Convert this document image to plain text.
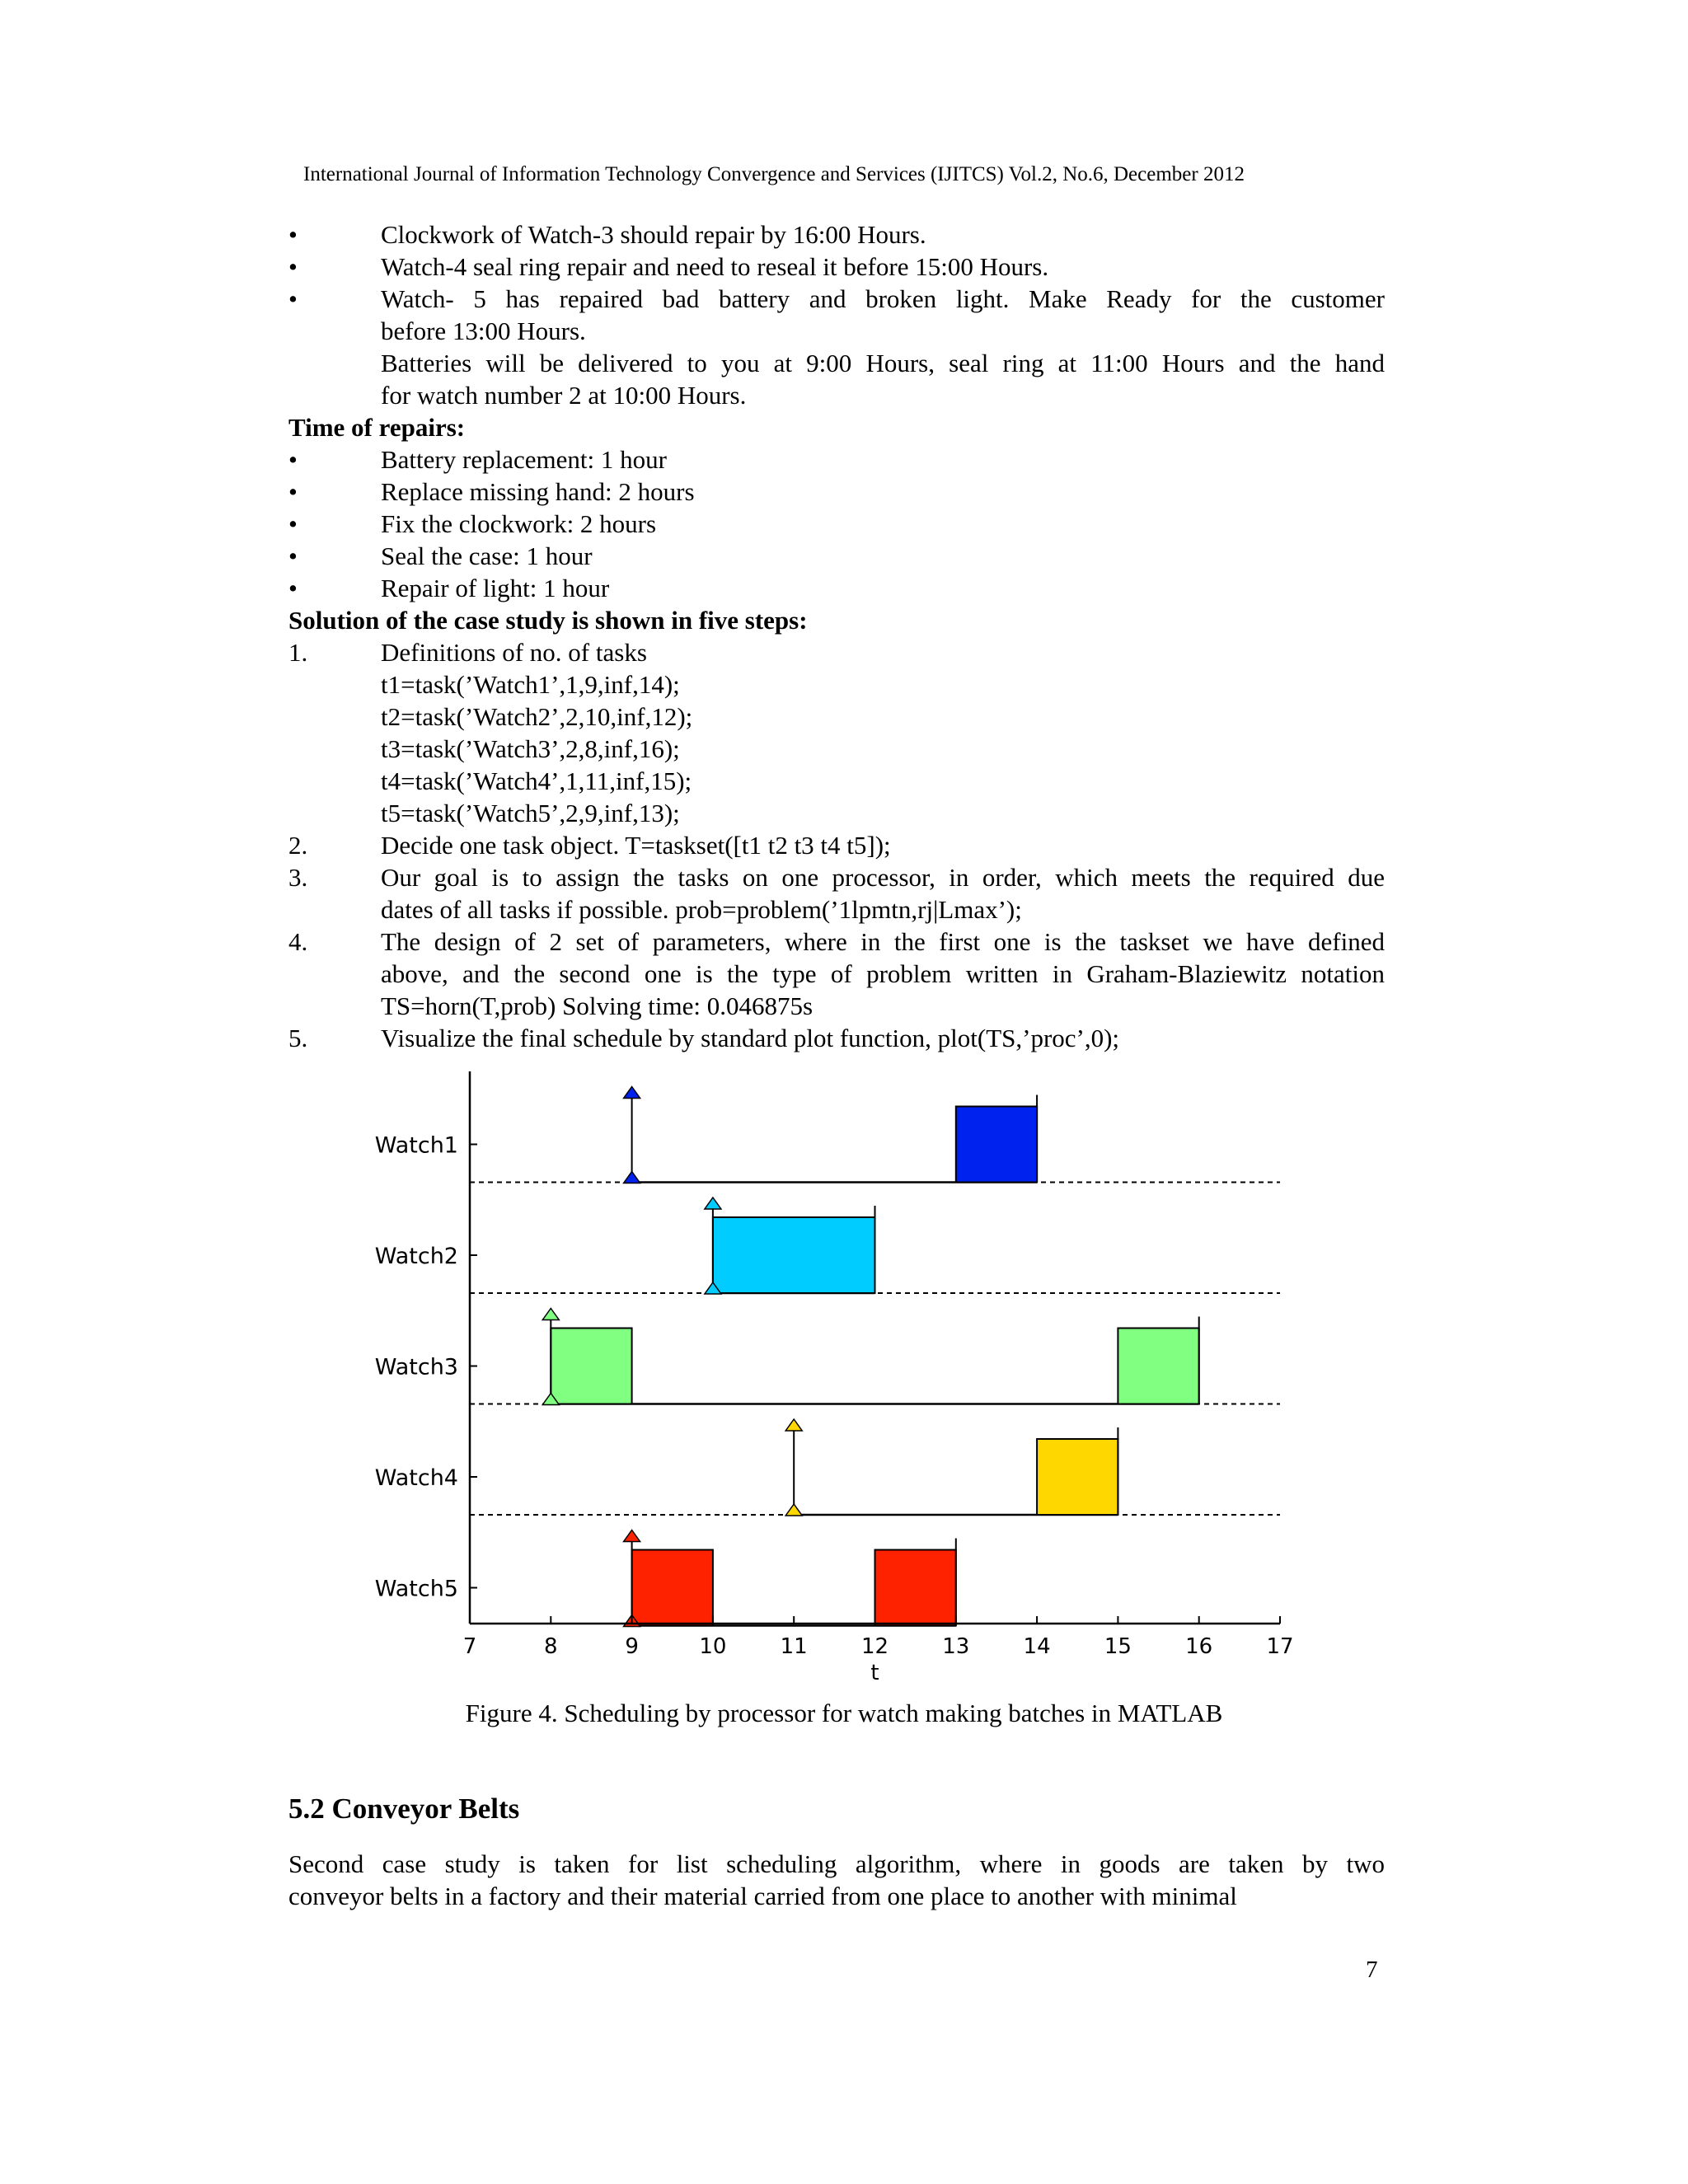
International Journal of Information Technology Convergence and Services (IJITCS) Vol.2, No.6, December 2012
•	Clockwork of Watch-3 should repair by 16:00 Hours.
•	Watch-4 seal ring repair and need to reseal it before 15:00 Hours.
•	Watch- 5 has repaired bad battery and broken light. Make Ready for the customer
before 13:00 Hours.
Batteries will be delivered to you at 9:00 Hours, seal ring at 11:00 Hours and the hand
for watch number 2 at 10:00 Hours.
Time of repairs:
•	Battery replacement: 1 hour
•	Replace missing hand: 2 hours
•	Fix the clockwork: 2 hours
•	Seal the case: 1 hour
•	Repair of light: 1 hour
Solution of the case study is shown in five steps:
1.	Definitions of no. of tasks
t1=task(’Watch1’,1,9,inf,14);
t2=task(’Watch2’,2,10,inf,12);
t3=task(’Watch3’,2,8,inf,16);
t4=task(’Watch4’,1,11,inf,15);
t5=task(’Watch5’,2,9,inf,13);
2.	Decide one task object. T=taskset([t1 t2 t3 t4 t5]);
3.	Our goal is to assign the tasks on one processor, in order, which meets the required due
dates of all tasks if possible. prob=problem(’1lpmtn,rj|Lmax’);
4.	The design of 2 set of parameters, where in the first one is the taskset we have defined
above, and the second one is the type of problem written in Graham-Blaziewitz notation
TS=horn(T,prob) Solving time: 0.046875s
5.	Visualize the final schedule by standard plot function, plot(TS,’proc’,0);
Watch1
Watch2
Watch3
Watch4
Watch5
7	8	9	10	11	12	13	14	15	16	17
t
Figure 4. Scheduling by processor for watch making batches in MATLAB
5.2 Conveyor Belts
Second case study is taken for list scheduling algorithm, where in goods are taken by two
conveyor belts in a factory and their material carried from one place to another with minimal
7
